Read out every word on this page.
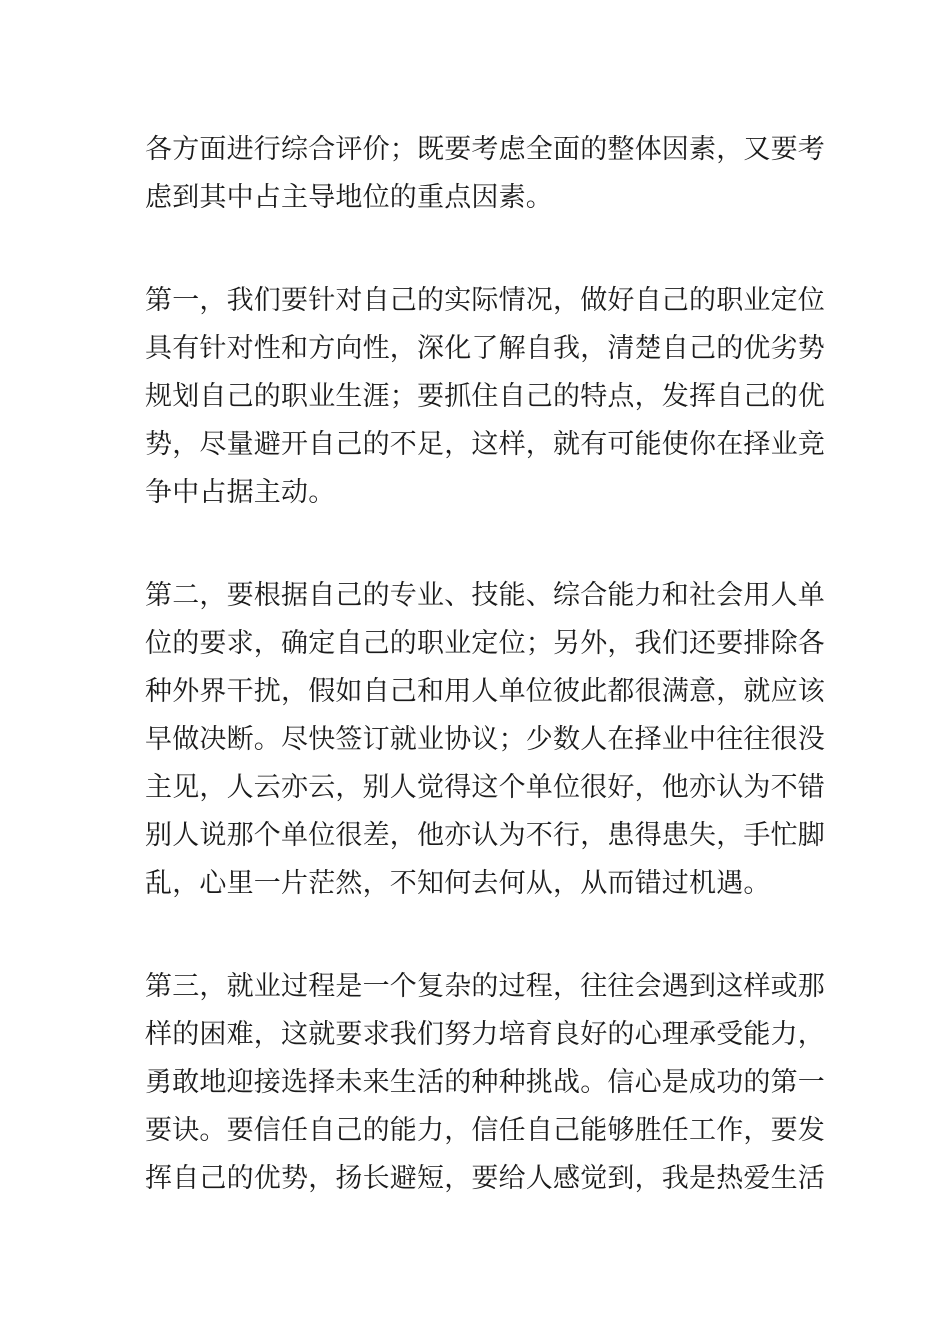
各方面进行综合评价；既要考虑全面的整体因素，又要考
虑到其中占主导地位的重点因素。
第一，我们要针对自己的实际情况，做好自己的职业定位
具有针对性和方向性，深化了解自我，清楚自己的优劣势
规划自己的职业生涯；要抓住自己的特点，发挥自己的优
势，尽量避开自己的不足，这样，就有可能使你在择业竞
争中占据主动。
第二，要根据自己的专业、技能、综合能力和社会用人单
位的要求，确定自己的职业定位；另外，我们还要排除各
种外界干扰，假如自己和用人单位彼此都很满意，就应该
早做决断。尽快签订就业协议；少数人在择业中往往很没
主见，人云亦云，别人觉得这个单位很好，他亦认为不错
别人说那个单位很差，他亦认为不行，患得患失，手忙脚
乱，心里一片茫然，不知何去何从，从而错过机遇。
第三，就业过程是一个复杂的过程，往往会遇到这样或那
样的困难，这就要求我们努力培育良好的心理承受能力，
勇敢地迎接选择未来生活的种种挑战。信心是成功的第一
要诀。要信任自己的能力，信任自己能够胜任工作，要发
挥自己的优势，扬长避短，要给人感觉到，我是热爱生活
